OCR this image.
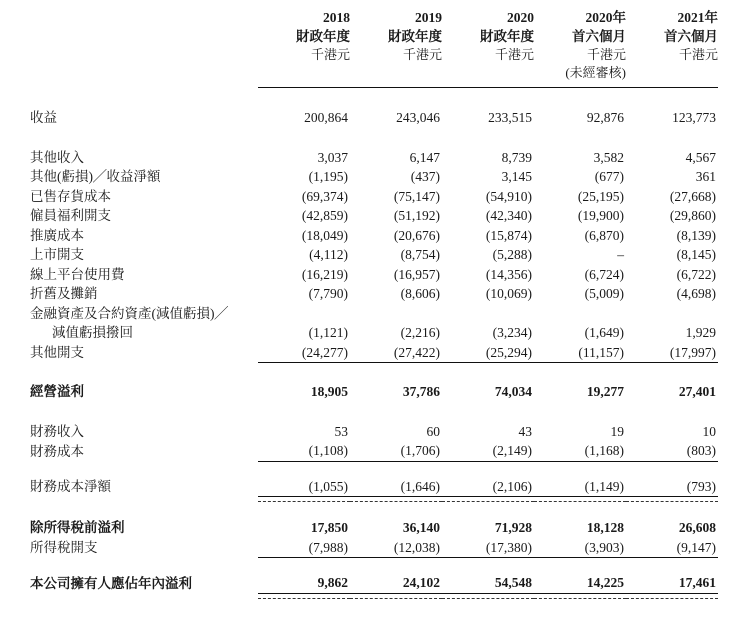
	2018	2019	2020	2020年	2021年
	財政年度	財政年度	財政年度	首六個月	首六個月
	千港元	千港元	千港元	千港元	千港元
				(未經審核)	

收益	200,864	243,046	233,515	92,876	123,773

其他收入	3,037	6,147	8,739	3,582	4,567
其他(虧損)╱收益淨額	(1,195)	(437)	3,145	(677)	361
已售存貨成本	(69,374)	(75,147)	(54,910)	(25,195)	(27,668)
僱員福利開支	(42,859)	(51,192)	(42,340)	(19,900)	(29,860)
推廣成本	(18,049)	(20,676)	(15,874)	(6,870)	(8,139)
上市開支	(4,112)	(8,754)	(5,288)	–	(8,145)
線上平台使用費	(16,219)	(16,957)	(14,356)	(6,724)	(6,722)
折舊及攤銷	(7,790)	(8,606)	(10,069)	(5,009)	(4,698)
金融資產及合約資產(減值虧損)╱					
減值虧損撥回	(1,121)	(2,216)	(3,234)	(1,649)	1,929
其他開支	(24,277)	(27,422)	(25,294)	(11,157)	(17,997)

經營溢利	18,905	37,786	74,034	19,277	27,401

財務收入	53	60	43	19	10
財務成本	(1,108)	(1,706)	(2,149)	(1,168)	(803)

財務成本淨額	(1,055)	(1,646)	(2,106)	(1,149)	(793)

除所得稅前溢利	17,850	36,140	71,928	18,128	26,608
所得稅開支	(7,988)	(12,038)	(17,380)	(3,903)	(9,147)

本公司擁有人應佔年內溢利	9,862	24,102	54,548	14,225	17,461
